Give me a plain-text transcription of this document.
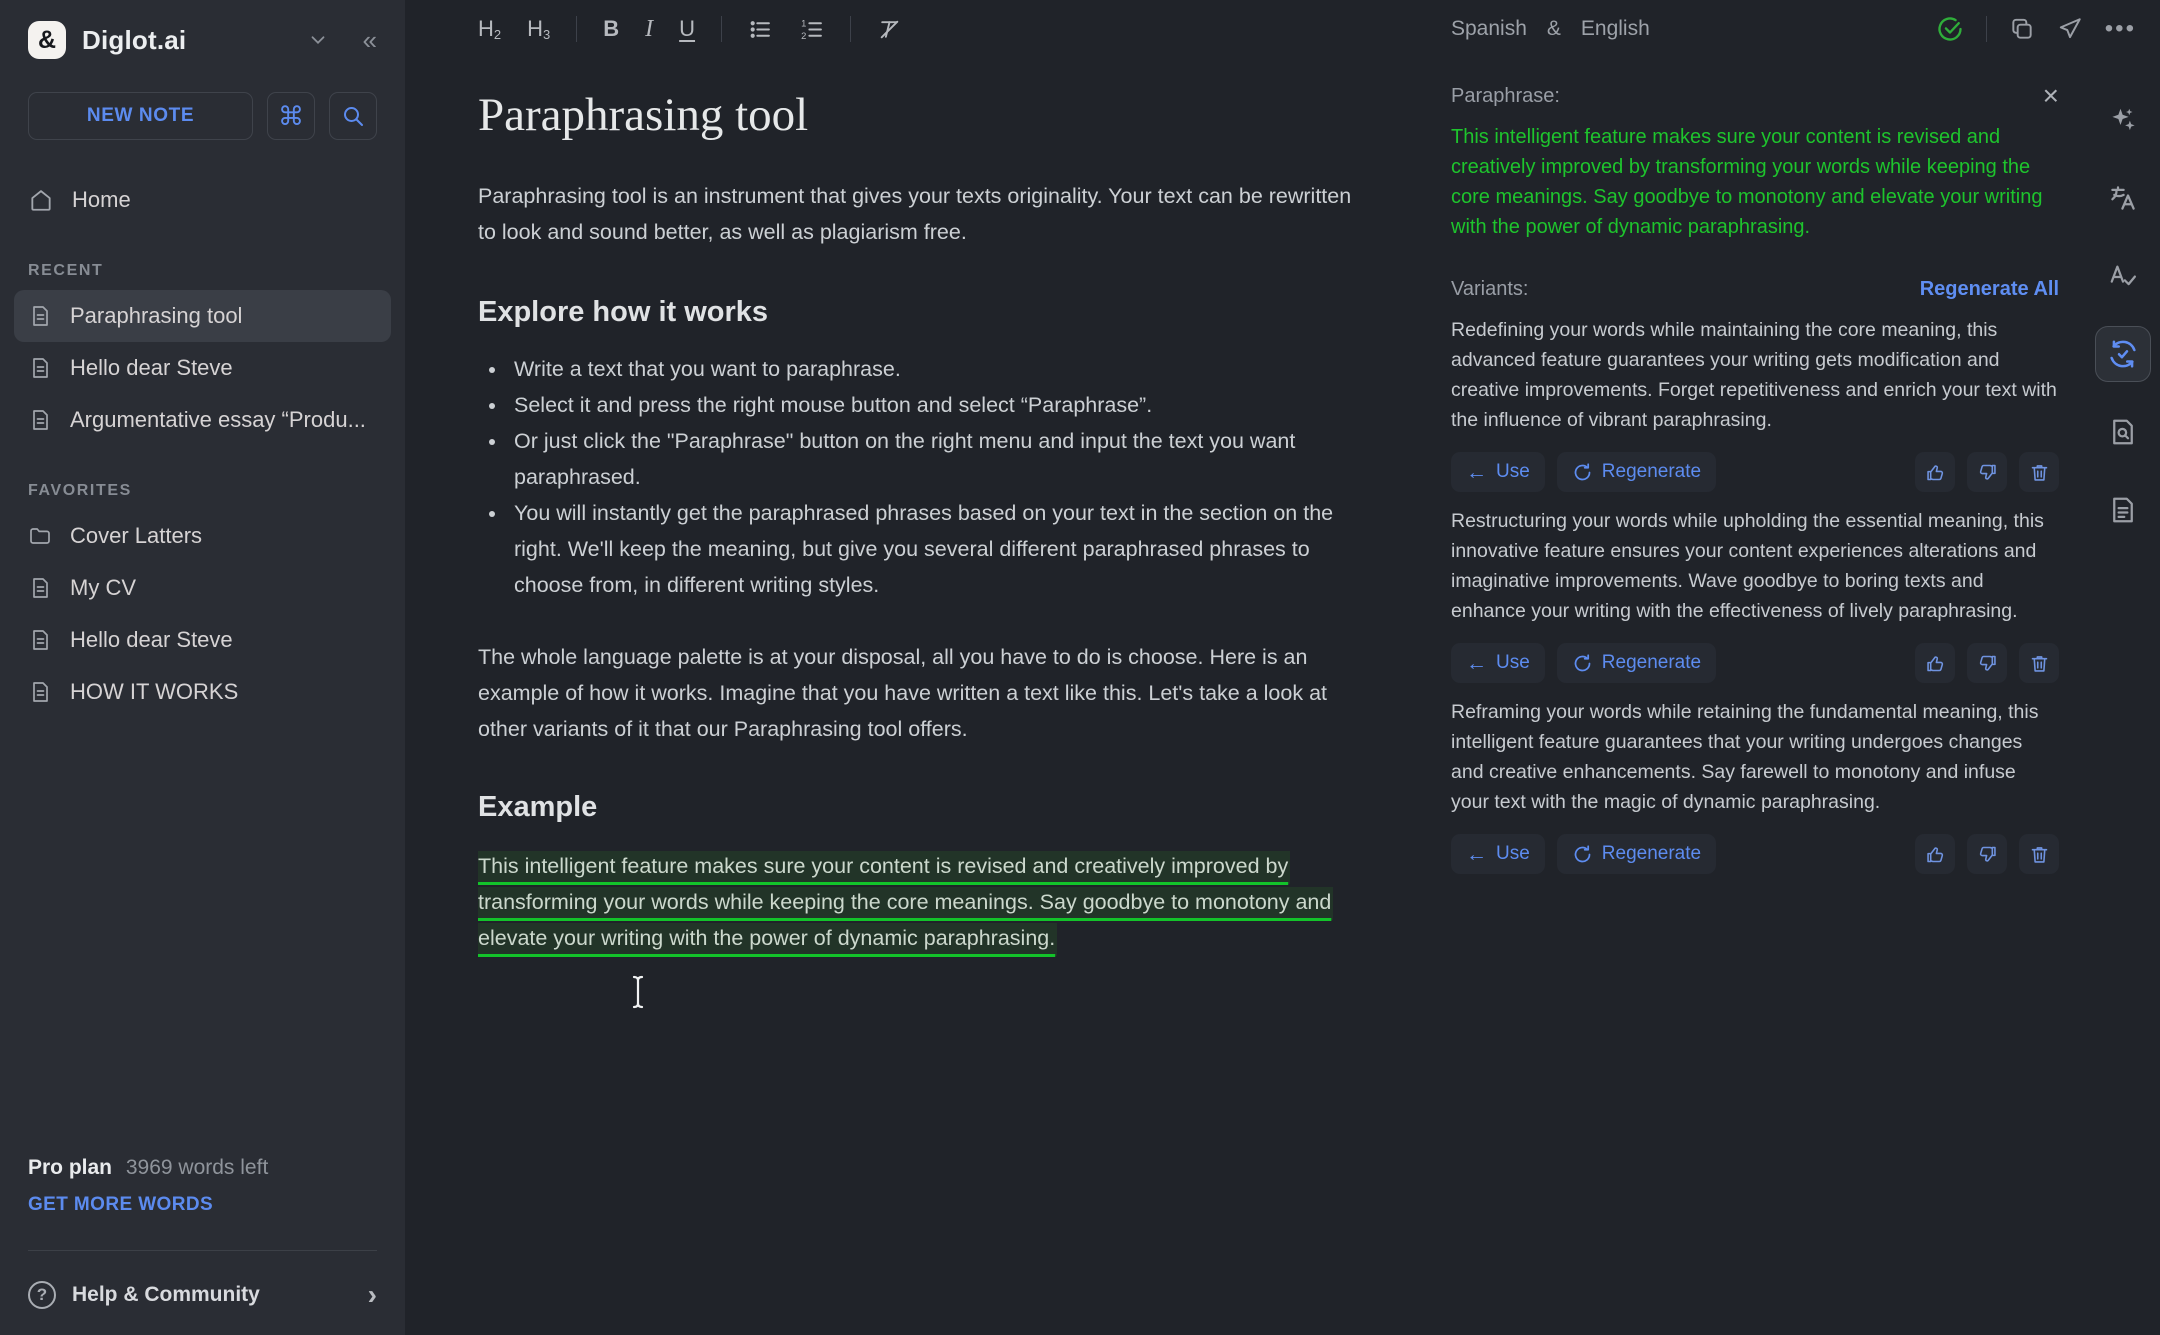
& Diglot.ai	«
NEW NOTE	⌘
Home
RECENT
Paraphrasing tool
Hello dear Steve
Argumentative essay “Produ...
FAVORITES
Cover Latters
My CV
Hello dear Steve
HOW IT WORKS
Pro plan 3969 words left
GET MORE WORDS
?	Help & Community	›
$H_2$ $H_3$ B I U	1
2	Spanish & English	•••
Paraphrasing tool

Paraphrasing tool is an instrument that gives your texts originality. Your text can be rewritten to look and sound better, as well as plagiarism free.

Explore how it works
• Write a text that you want to paraphrase.
• Select it and press the right mouse button and select “Paraphrase”.
• Or just click the "Paraphrase" button on the right menu and input the text you want paraphrased.
• You will instantly get the paraphrased phrases based on your text in the section on the right. We'll keep the meaning, but give you several different paraphrased phrases to choose from, in different writing styles.

The whole language palette is at your disposal, all you have to do is choose. Here is an example of how it works. Imagine that you have written a text like this. Let's take a look at other variants of it that our Paraphrasing tool offers.

Example

This intelligent feature makes sure your content is revised and creatively improved by transforming your words while keeping the core meanings. Say goodbye to monotony and elevate your writing with the power of dynamic paraphrasing.

Paraphrase:	×

This intelligent feature makes sure your content is revised and creatively improved by transforming your words while keeping the core meanings. Say goodbye to monotony and elevate your writing with the power of dynamic paraphrasing.

Variants:	Regenerate All

Redefining your words while maintaining the core meaning, this advanced feature guarantees your writing gets modification and creative improvements. Forget repetitiveness and enrich your text with the influence of vibrant paraphrasing.

← Use	Regenerate

Restructuring your words while upholding the essential meaning, this innovative feature ensures your content experiences alterations and imaginative improvements. Wave goodbye to boring texts and enhance your writing with the effectiveness of lively paraphrasing.

← Use	Regenerate

Reframing your words while retaining the fundamental meaning, this intelligent feature guarantees that your writing undergoes changes and creative enhancements. Say farewell to monotony and infuse your text with the magic of dynamic paraphrasing.

← Use	Regenerate
